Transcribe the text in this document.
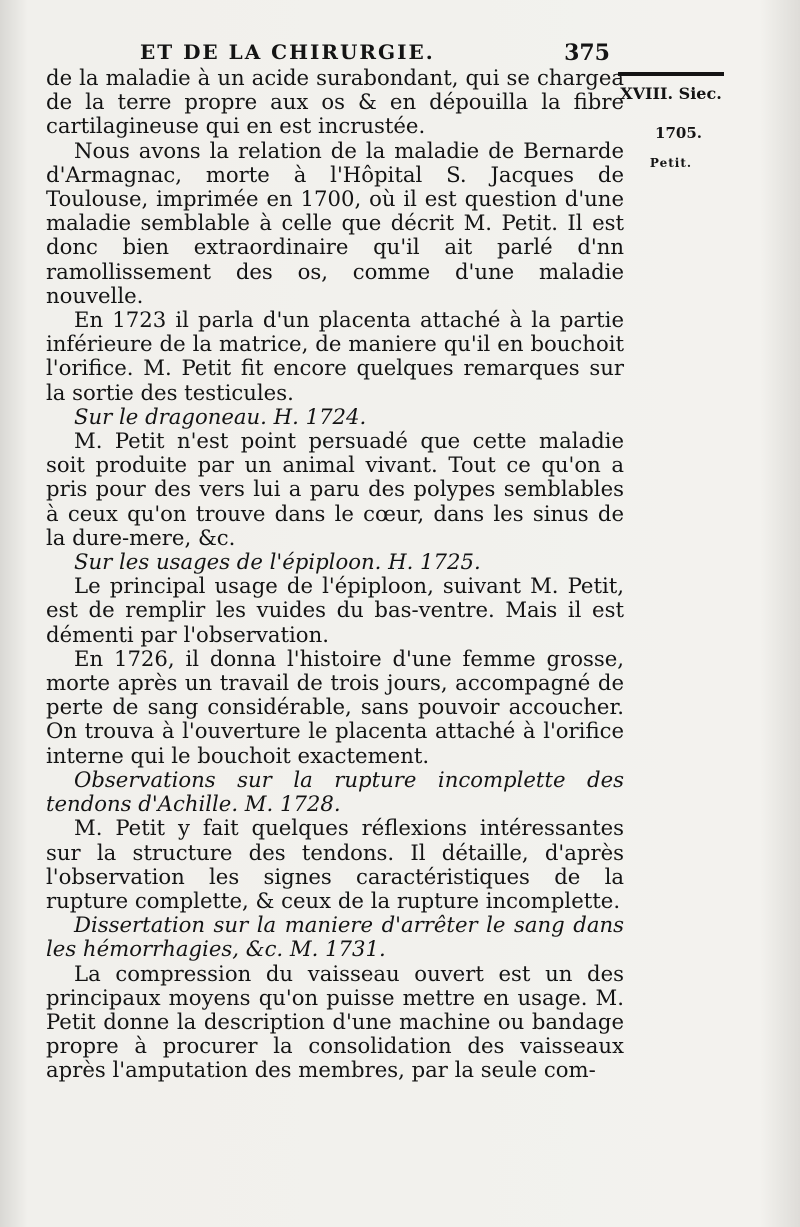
ET DE LA CHIRURGIE.	375
XVIII. Siec.
1705.
Petit.

de la maladie à un acide surabondant, qui se chargea de la terre propre aux os & en dépouilla la fibre cartilagineuse qui en est incrustée.

Nous avons la relation de la maladie de Bernarde d'Armagnac, morte à l'Hôpital S. Jacques de Toulouse, imprimée en 1700, où il est question d'une maladie semblable à celle que décrit M. Petit. Il est donc bien extraordinaire qu'il ait parlé d'nn ramollissement des os, comme d'une maladie nouvelle.

En 1723 il parla d'un placenta attaché à la partie inférieure de la matrice, de maniere qu'il en bouchoit l'orifice. M. Petit fit encore quelques remarques sur la sortie des testicules.

Sur le dragoneau. H. 1724.

M. Petit n'est point persuadé que cette maladie soit produite par un animal vivant. Tout ce qu'on a pris pour des vers lui a paru des polypes semblables à ceux qu'on trouve dans le cœur, dans les sinus de la dure-mere, &c.

Sur les usages de l'épiploon. H. 1725.

Le principal usage de l'épiploon, suivant M. Petit, est de remplir les vuides du bas-ventre. Mais il est démenti par l'observation.

En 1726, il donna l'histoire d'une femme grosse, morte après un travail de trois jours, accompagné de perte de sang considérable, sans pouvoir accoucher. On trouva à l'ouverture le placenta attaché à l'orifice interne qui le bouchoit exactement.

Observations sur la rupture incomplette des tendons d'Achille. M. 1728.

M. Petit y fait quelques réflexions intéressantes sur la structure des tendons. Il détaille, d'après l'observation les signes caractéristiques de la rupture complette, & ceux de la rupture incomplette.

Dissertation sur la maniere d'arrêter le sang dans les hémorrhagies, &c. M. 1731.

La compression du vaisseau ouvert est un des principaux moyens qu'on puisse mettre en usage. M. Petit donne la description d'une machine ou bandage propre à procurer la consolidation des vaisseaux après l'amputation des membres, par la seule com-
